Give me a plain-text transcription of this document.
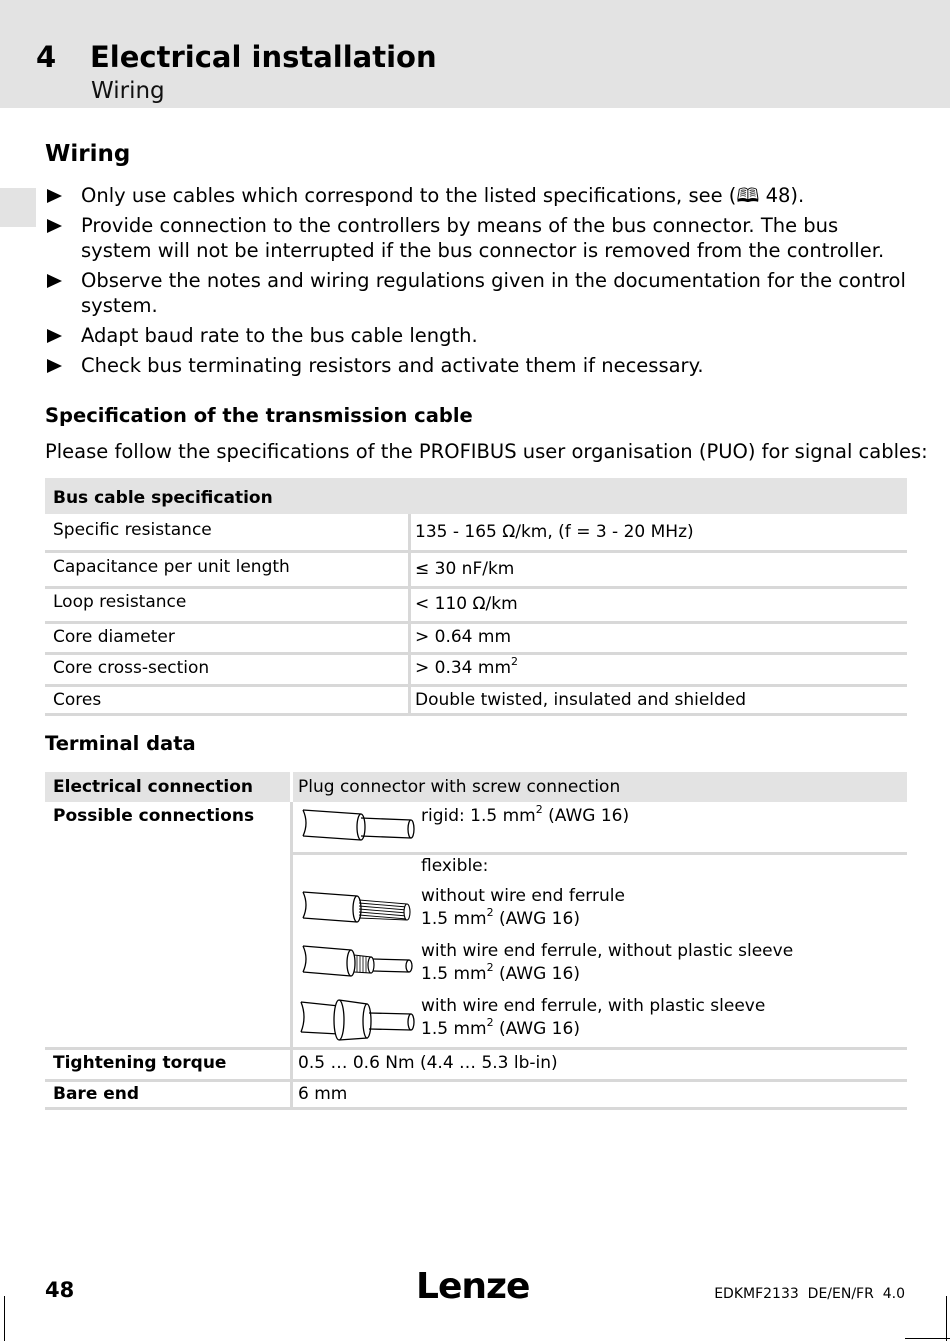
4 Electrical installation
Wiring
Wiring
Only use cables which correspond to the listed specifications, see (🕮 48).
Provide connection to the controllers by means of the bus connector. The bus system will not be interrupted if the bus connector is removed from the controller.
Observe the notes and wiring regulations given in the documentation for the control system.
Adapt baud rate to the bus cable length.
Check bus terminating resistors and activate them if necessary.
Specification of the transmission cable
Please follow the specifications of the PROFIBUS user organisation (PUO) for signal cables:
Bus cable specification
Specific resistance	135 - 165 Ω/km, (f = 3 - 20 MHz)
Capacitance per unit length	≤ 30 nF/km
Loop resistance	< 110 Ω/km
Core diameter	> 0.64 mm
Core cross-section	> 0.34 $mm^2$
Cores	Double twisted, insulated and shielded
Terminal data
Electrical connection	Plug connector with screw connection
Possible connections	rigid: 1.5 $mm^2$ (AWG 16)
flexible:
without wire end ferrule
1.5 $mm^2$ (AWG 16)
with wire end ferrule, without plastic sleeve
1.5 $mm^2$ (AWG 16)
with wire end ferrule, with plastic sleeve
1.5 $mm^2$ (AWG 16)
Tightening torque	0.5 … 0.6 Nm (4.4 … 5.3 lb-in)
Bare end	6 mm
48	Lenze	EDKMF2133  DE/EN/FR  4.0
